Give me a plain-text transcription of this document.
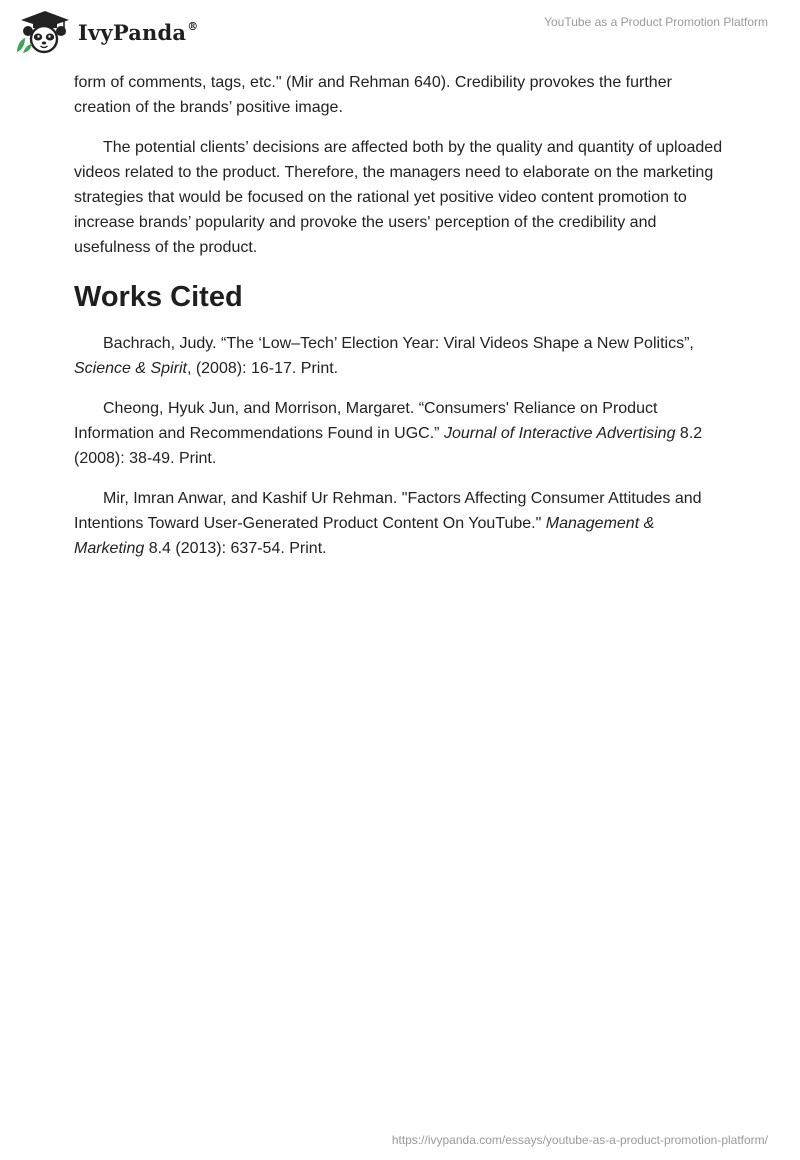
IvyPanda®	YouTube as a Product Promotion Platform

form of comments, tags, etc." (Mir and Rehman 640). Credibility provokes the further creation of the brands’ positive image.

The potential clients’ decisions are affected both by the quality and quantity of uploaded videos related to the product. Therefore, the managers need to elaborate on the marketing strategies that would be focused on the rational yet positive video content promotion to increase brands’ popularity and provoke the users' perception of the credibility and usefulness of the product.

Works Cited

Bachrach, Judy. “The ‘Low–Tech’ Election Year: Viral Videos Shape a New Politics”, Science & Spirit, (2008): 16-17. Print.

Cheong, Hyuk Jun, and Morrison, Margaret. “Consumers' Reliance on Product Information and Recommendations Found in UGC.” Journal of Interactive Advertising 8.2 (2008): 38-49. Print.

Mir, Imran Anwar, and Kashif Ur Rehman. "Factors Affecting Consumer Attitudes and Intentions Toward User-Generated Product Content On YouTube." Management & Marketing 8.4 (2013): 637-54. Print.

https://ivypanda.com/essays/youtube-as-a-product-promotion-platform/
